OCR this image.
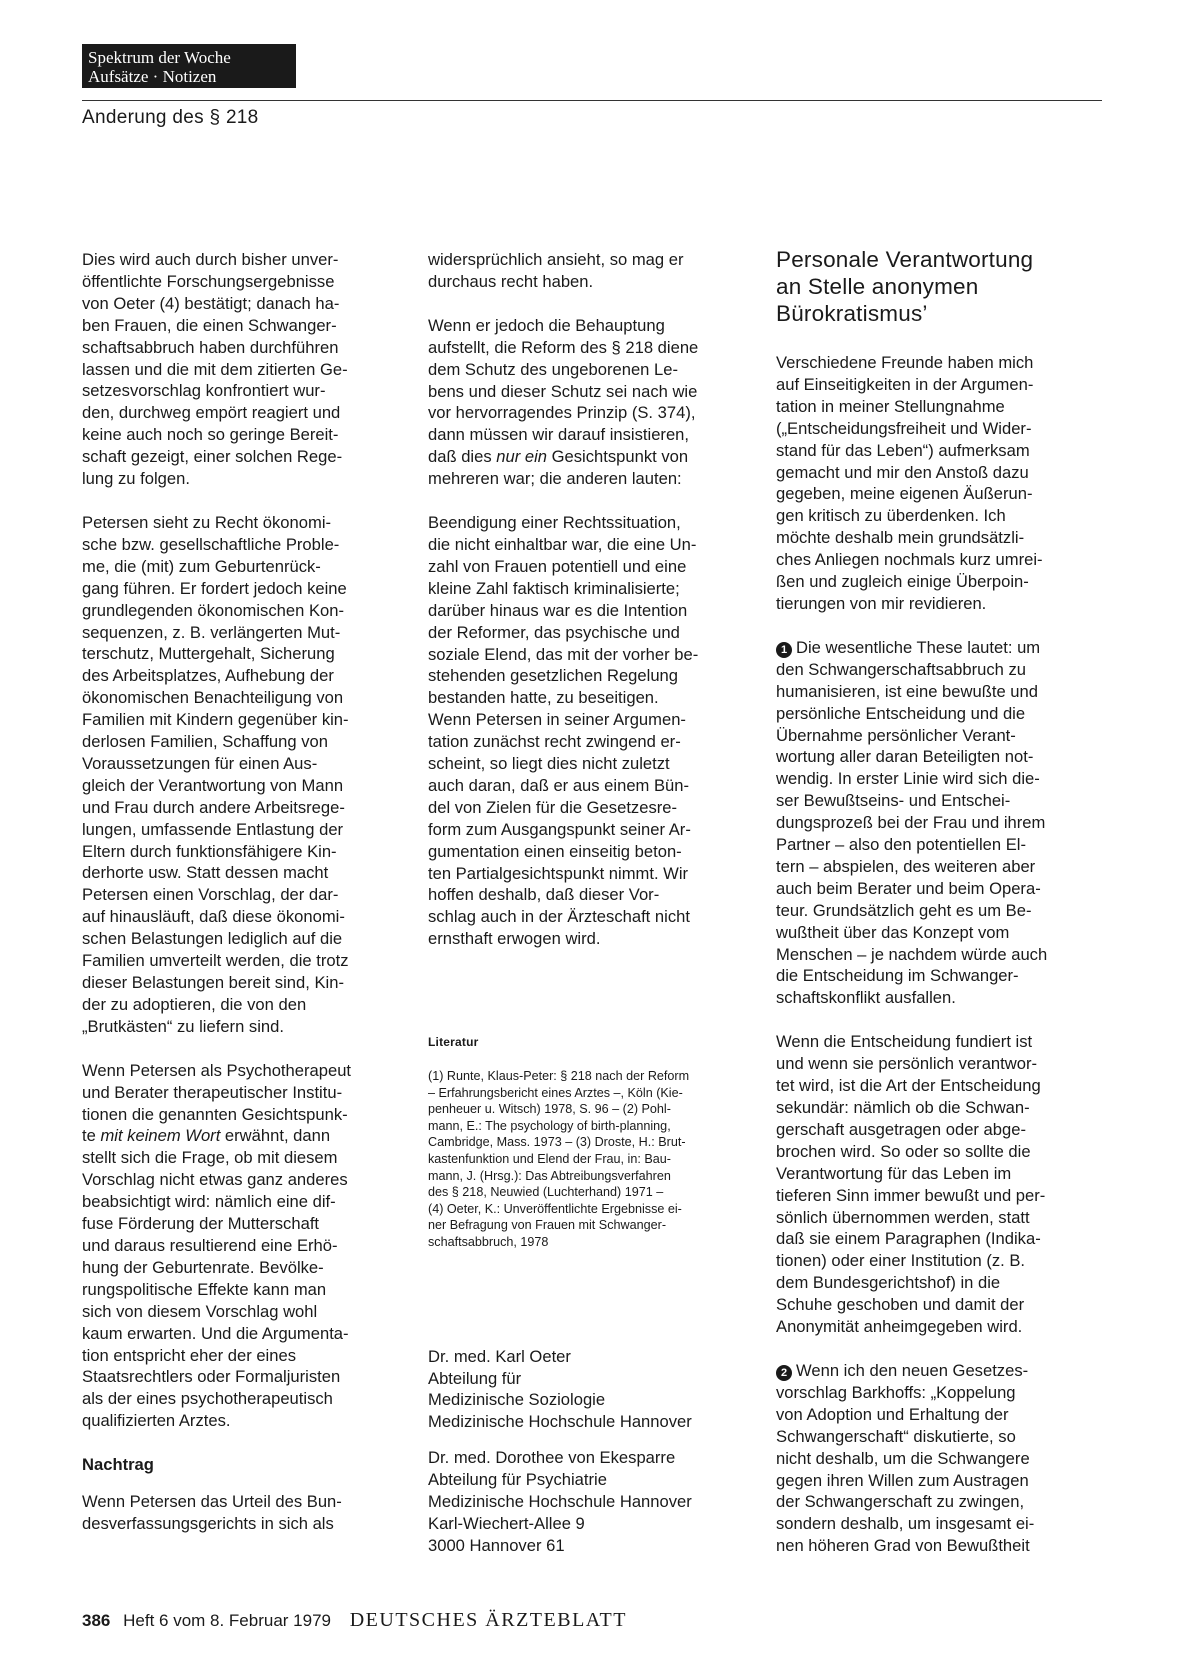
Spektrum der Woche
Aufsätze · Notizen
Anderung des § 218

Dies wird auch durch bisher unver-
öffentlichte Forschungsergebnisse
von Oeter (4) bestätigt; danach ha-
ben Frauen, die einen Schwanger-
schaftsabbruch haben durchführen
lassen und die mit dem zitierten Ge-
setzesvorschlag konfrontiert wur-
den, durchweg empört reagiert und
keine auch noch so geringe Bereit-
schaft gezeigt, einer solchen Rege-
lung zu folgen.

Petersen sieht zu Recht ökonomi-
sche bzw. gesellschaftliche Proble-
me, die (mit) zum Geburtenrück-
gang führen. Er fordert jedoch keine
grundlegenden ökonomischen Kon-
sequenzen, z. B. verlängerten Mut-
terschutz, Muttergehalt, Sicherung
des Arbeitsplatzes, Aufhebung der
ökonomischen Benachteiligung von
Familien mit Kindern gegenüber kin-
derlosen Familien, Schaffung von
Voraussetzungen für einen Aus-
gleich der Verantwortung von Mann
und Frau durch andere Arbeitsrege-
lungen, umfassende Entlastung der
Eltern durch funktionsfähigere Kin-
derhorte usw. Statt dessen macht
Petersen einen Vorschlag, der dar-
auf hinausläuft, daß diese ökonomi-
schen Belastungen lediglich auf die
Familien umverteilt werden, die trotz
dieser Belastungen bereit sind, Kin-
der zu adoptieren, die von den
„Brutkästen“ zu liefern sind.

Wenn Petersen als Psychotherapeut
und Berater therapeutischer Institu-
tionen die genannten Gesichtspunk-
te mit keinem Wort erwähnt, dann
stellt sich die Frage, ob mit diesem
Vorschlag nicht etwas ganz anderes
beabsichtigt wird: nämlich eine dif-
fuse Förderung der Mutterschaft
und daraus resultierend eine Erhö-
hung der Geburtenrate. Bevölke-
rungspolitische Effekte kann man
sich von diesem Vorschlag wohl
kaum erwarten. Und die Argumenta-
tion entspricht eher der eines
Staatsrechtlers oder Formaljuristen
als der eines psychotherapeutisch
qualifizierten Arztes.

Nachtrag

Wenn Petersen das Urteil des Bun-
desverfassungsgerichts in sich als

widersprüchlich ansieht, so mag er
durchaus recht haben.

Wenn er jedoch die Behauptung
aufstellt, die Reform des § 218 diene
dem Schutz des ungeborenen Le-
bens und dieser Schutz sei nach wie
vor hervorragendes Prinzip (S. 374),
dann müssen wir darauf insistieren,
daß dies nur ein Gesichtspunkt von
mehreren war; die anderen lauten:

Beendigung einer Rechtssituation,
die nicht einhaltbar war, die eine Un-
zahl von Frauen potentiell und eine
kleine Zahl faktisch kriminalisierte;
darüber hinaus war es die Intention
der Reformer, das psychische und
soziale Elend, das mit der vorher be-
stehenden gesetzlichen Regelung
bestanden hatte, zu beseitigen.
Wenn Petersen in seiner Argumen-
tation zunächst recht zwingend er-
scheint, so liegt dies nicht zuletzt
auch daran, daß er aus einem Bün-
del von Zielen für die Gesetzesre-
form zum Ausgangspunkt seiner Ar-
gumentation einen einseitig beton-
ten Partialgesichtspunkt nimmt. Wir
hoffen deshalb, daß dieser Vor-
schlag auch in der Ärzteschaft nicht
ernsthaft erwogen wird.

Literatur
(1) Runte, Klaus-Peter: § 218 nach der Reform
– Erfahrungsbericht eines Arztes –, Köln (Kie-
penheuer u. Witsch) 1978, S. 96 – (2) Pohl-
mann, E.: The psychology of birth-planning,
Cambridge, Mass. 1973 – (3) Droste, H.: Brut-
kastenfunktion und Elend der Frau, in: Bau-
mann, J. (Hrsg.): Das Abtreibungsverfahren
des § 218, Neuwied (Luchterhand) 1971 –
(4) Oeter, K.: Unveröffentlichte Ergebnisse ei-
ner Befragung von Frauen mit Schwanger-
schaftsabbruch, 1978
Dr. med. Karl Oeter
Abteilung für
Medizinische Soziologie
Medizinische Hochschule Hannover
Dr. med. Dorothee von Ekesparre
Abteilung für Psychiatrie
Medizinische Hochschule Hannover
Karl-Wiechert-Allee 9
3000 Hannover 61
Personale Verantwortung
an Stelle anonymen
Bürokratismus’

Verschiedene Freunde haben mich
auf Einseitigkeiten in der Argumen-
tation in meiner Stellungnahme
(„Entscheidungsfreiheit und Wider-
stand für das Leben“) aufmerksam
gemacht und mir den Anstoß dazu
gegeben, meine eigenen Äußerun-
gen kritisch zu überdenken. Ich
möchte deshalb mein grundsätzli-
ches Anliegen nochmals kurz umrei-
ßen und zugleich einige Überpoin-
tierungen von mir revidieren.

1 Die wesentliche These lautet: um
den Schwangerschaftsabbruch zu
humanisieren, ist eine bewußte und
persönliche Entscheidung und die
Übernahme persönlicher Verant-
wortung aller daran Beteiligten not-
wendig. In erster Linie wird sich die-
ser Bewußtseins- und Entschei-
dungsprozeß bei der Frau und ihrem
Partner – also den potentiellen El-
tern – abspielen, des weiteren aber
auch beim Berater und beim Opera-
teur. Grundsätzlich geht es um Be-
wußtheit über das Konzept vom
Menschen – je nachdem würde auch
die Entscheidung im Schwanger-
schaftskonflikt ausfallen.

Wenn die Entscheidung fundiert ist
und wenn sie persönlich verantwor-
tet wird, ist die Art der Entscheidung
sekundär: nämlich ob die Schwan-
gerschaft ausgetragen oder abge-
brochen wird. So oder so sollte die
Verantwortung für das Leben im
tieferen Sinn immer bewußt und per-
sönlich übernommen werden, statt
daß sie einem Paragraphen (Indika-
tionen) oder einer Institution (z. B.
dem Bundesgerichtshof) in die
Schuhe geschoben und damit der
Anonymität anheimgegeben wird.

2 Wenn ich den neuen Gesetzes-
vorschlag Barkhoffs: „Koppelung
von Adoption und Erhaltung der
Schwangerschaft“ diskutierte, so
nicht deshalb, um die Schwangere
gegen ihren Willen zum Austragen
der Schwangerschaft zu zwingen,
sondern deshalb, um insgesamt ei-
nen höheren Grad von Bewußtheit

386 Heft 6 vom 8. Februar 1979 DEUTSCHES ÄRZTEBLATT
